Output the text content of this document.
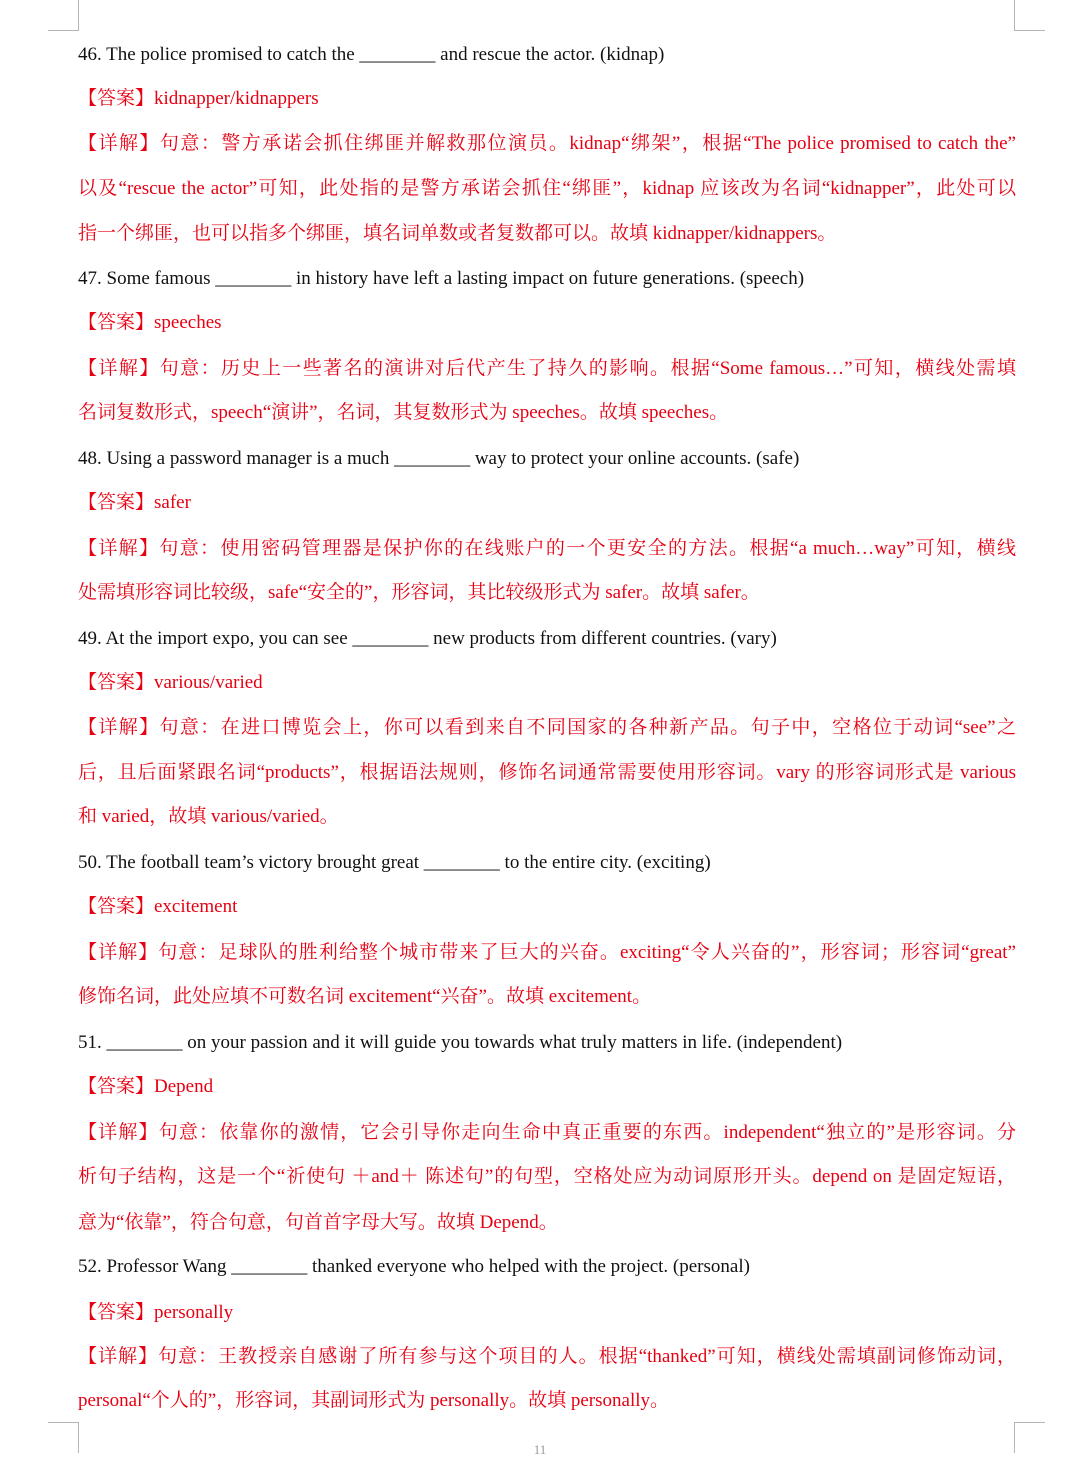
46. The police promised to catch the ________ and rescue the actor. (kidnap)
【答案】kidnapper/kidnappers
【详解】句意：警方承诺会抓住绑匪并解救那位演员。kidnap“绑架”，根据“The police promised to catch the”
以及“rescue the actor”可知，此处指的是警方承诺会抓住“绑匪”，kidnap 应该改为名词“kidnapper”，此处可以
指一个绑匪，也可以指多个绑匪，填名词单数或者复数都可以。故填 kidnapper/kidnappers。
47. Some famous ________ in history have left a lasting impact on future generations. (speech)
【答案】speeches
【详解】句意：历史上一些著名的演讲对后代产生了持久的影响。根据“Some famous…”可知，横线处需填
名词复数形式，speech“演讲”，名词，其复数形式为 speeches。故填 speeches。
48. Using a password manager is a much ________ way to protect your online accounts. (safe)
【答案】safer
【详解】句意：使用密码管理器是保护你的在线账户的一个更安全的方法。根据“a much…way”可知，横线
处需填形容词比较级，safe“安全的”，形容词，其比较级形式为 safer。故填 safer。
49. At the import expo, you can see ________ new products from different countries. (vary)
【答案】various/varied
【详解】句意：在进口博览会上，你可以看到来自不同国家的各种新产品。句子中，空格位于动词“see”之
后，且后面紧跟名词“products”，根据语法规则，修饰名词通常需要使用形容词。vary 的形容词形式是 various
和 varied，故填 various/varied。
50. The football team’s victory brought great ________ to the entire city. (exciting)
【答案】excitement
【详解】句意：足球队的胜利给整个城市带来了巨大的兴奋。exciting“令人兴奋的”，形容词；形容词“great”
修饰名词，此处应填不可数名词 excitement“兴奋”。故填 excitement。
51. ________ on your passion and it will guide you towards what truly matters in life. (independent)
【答案】Depend
【详解】句意：依靠你的激情，它会引导你走向生命中真正重要的东西。independent“独立的”是形容词。分
析句子结构，这是一个“祈使句 ＋and＋ 陈述句”的句型，空格处应为动词原形开头。depend on 是固定短语，
意为“依靠”，符合句意，句首首字母大写。故填 Depend。
52. Professor Wang ________ thanked everyone who helped with the project. (personal)
【答案】personally
【详解】句意：王教授亲自感谢了所有参与这个项目的人。根据“thanked”可知，横线处需填副词修饰动词，
personal“个人的”，形容词，其副词形式为 personally。故填 personally。
11
